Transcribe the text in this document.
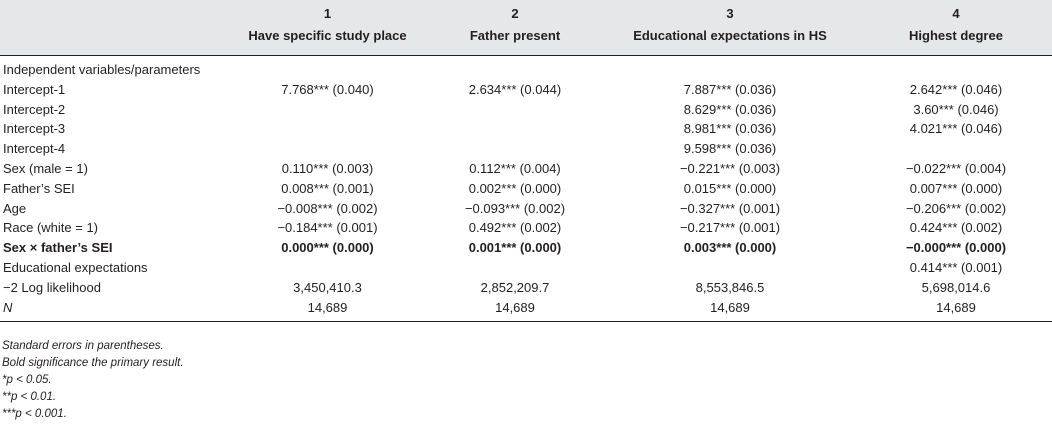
	1	2	3	4
	Have specific study place	Father present	Educational expectations in HS	Highest degree
Independent variables/parameters				
Intercept-1	7.768*** (0.040)	2.634*** (0.044)	7.887*** (0.036)	2.642*** (0.046)
Intercept-2			8.629*** (0.036)	3.60*** (0.046)
Intercept-3			8.981*** (0.036)	4.021*** (0.046)
Intercept-4			9.598*** (0.036)	
Sex (male = 1)	0.110*** (0.003)	0.112*** (0.004)	−0.221*** (0.003)	−0.022*** (0.004)
Father’s SEI	0.008*** (0.001)	0.002*** (0.000)	0.015*** (0.000)	0.007*** (0.000)
Age	−0.008*** (0.002)	−0.093*** (0.002)	−0.327*** (0.001)	−0.206*** (0.002)
Race (white = 1)	−0.184*** (0.001)	0.492*** (0.002)	−0.217*** (0.001)	0.424*** (0.002)
Sex × father’s SEI	0.000*** (0.000)	0.001*** (0.000)	0.003*** (0.000)	−0.000*** (0.000)
Educational expectations				0.414*** (0.001)
−2 Log likelihood	3,450,410.3	2,852,209.7	8,553,846.5	5,698,014.6
N	14,689	14,689	14,689	14,689
Standard errors in parentheses.
Bold significance the primary result.
*p < 0.05.
**p < 0.01.
***p < 0.001.
